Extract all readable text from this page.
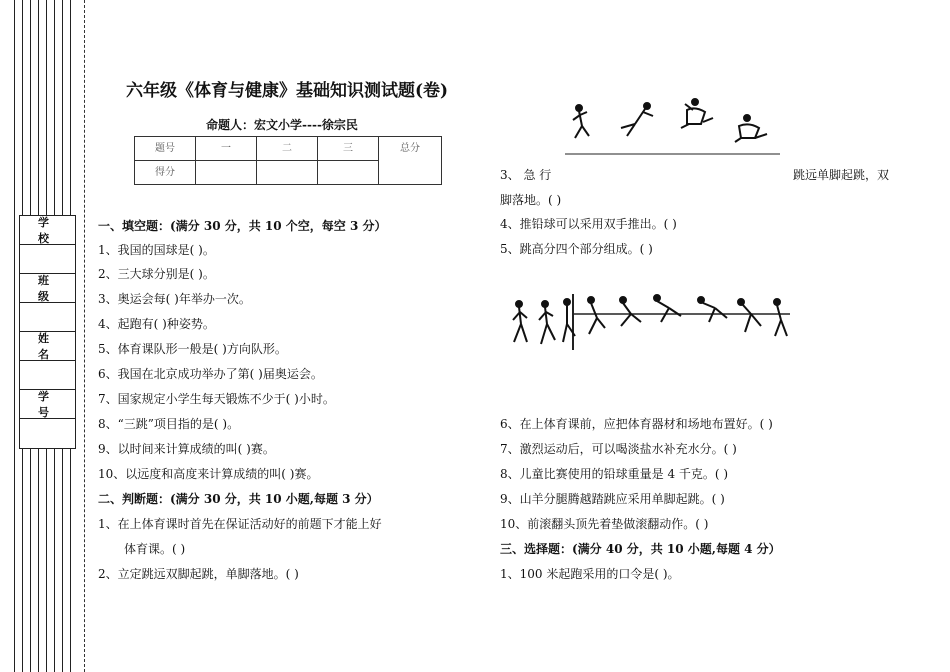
学 校
班 级
姓 名
学 号
六年级《体育与健康》基础知识测试题(卷)
命题人：宏文小学----徐宗民
题号	一	二	三	总分
得分				
一、填空题：(满分 30 分，共 10 个空，每空 3 分）
1、我国的国球是( )。
2、三大球分别是( )。
3、奥运会每( )年举办一次。
4、起跑有( )种姿势。
5、体育课队形一般是( )方向队形。
6、我国在北京成功举办了第( )届奥运会。
7、国家规定小学生每天锻炼不少于( )小时。
8、“三跳”项目指的是( )。
9、以时间来计算成绩的叫( )赛。
10、以远度和高度来计算成绩的叫( )赛。
二、判断题：(满分 30 分，共 10 小题,每题 3 分）
1、在上体育课时首先在保证活动好的前题下才能上好
体育课。( )
2、立定跳远双脚起跳，单脚落地。( )
3、 急 行	跳远单脚起跳，双
脚落地。( )
4、推铅球可以采用双手推出。( )
5、跳高分四个部分组成。( )
6、在上体育课前，应把体育器材和场地布置好。( )
7、激烈运动后，可以喝淡盐水补充水分。( )
8、儿童比赛使用的铅球重量是 4 千克。( )
9、山羊分腿腾越踏跳应采用单脚起跳。( )
10、前滚翻头顶先着垫做滚翻动作。( )
三、选择题：(满分 40 分，共 10 小题,每题 4 分）
1、100 米起跑采用的口令是( )。
